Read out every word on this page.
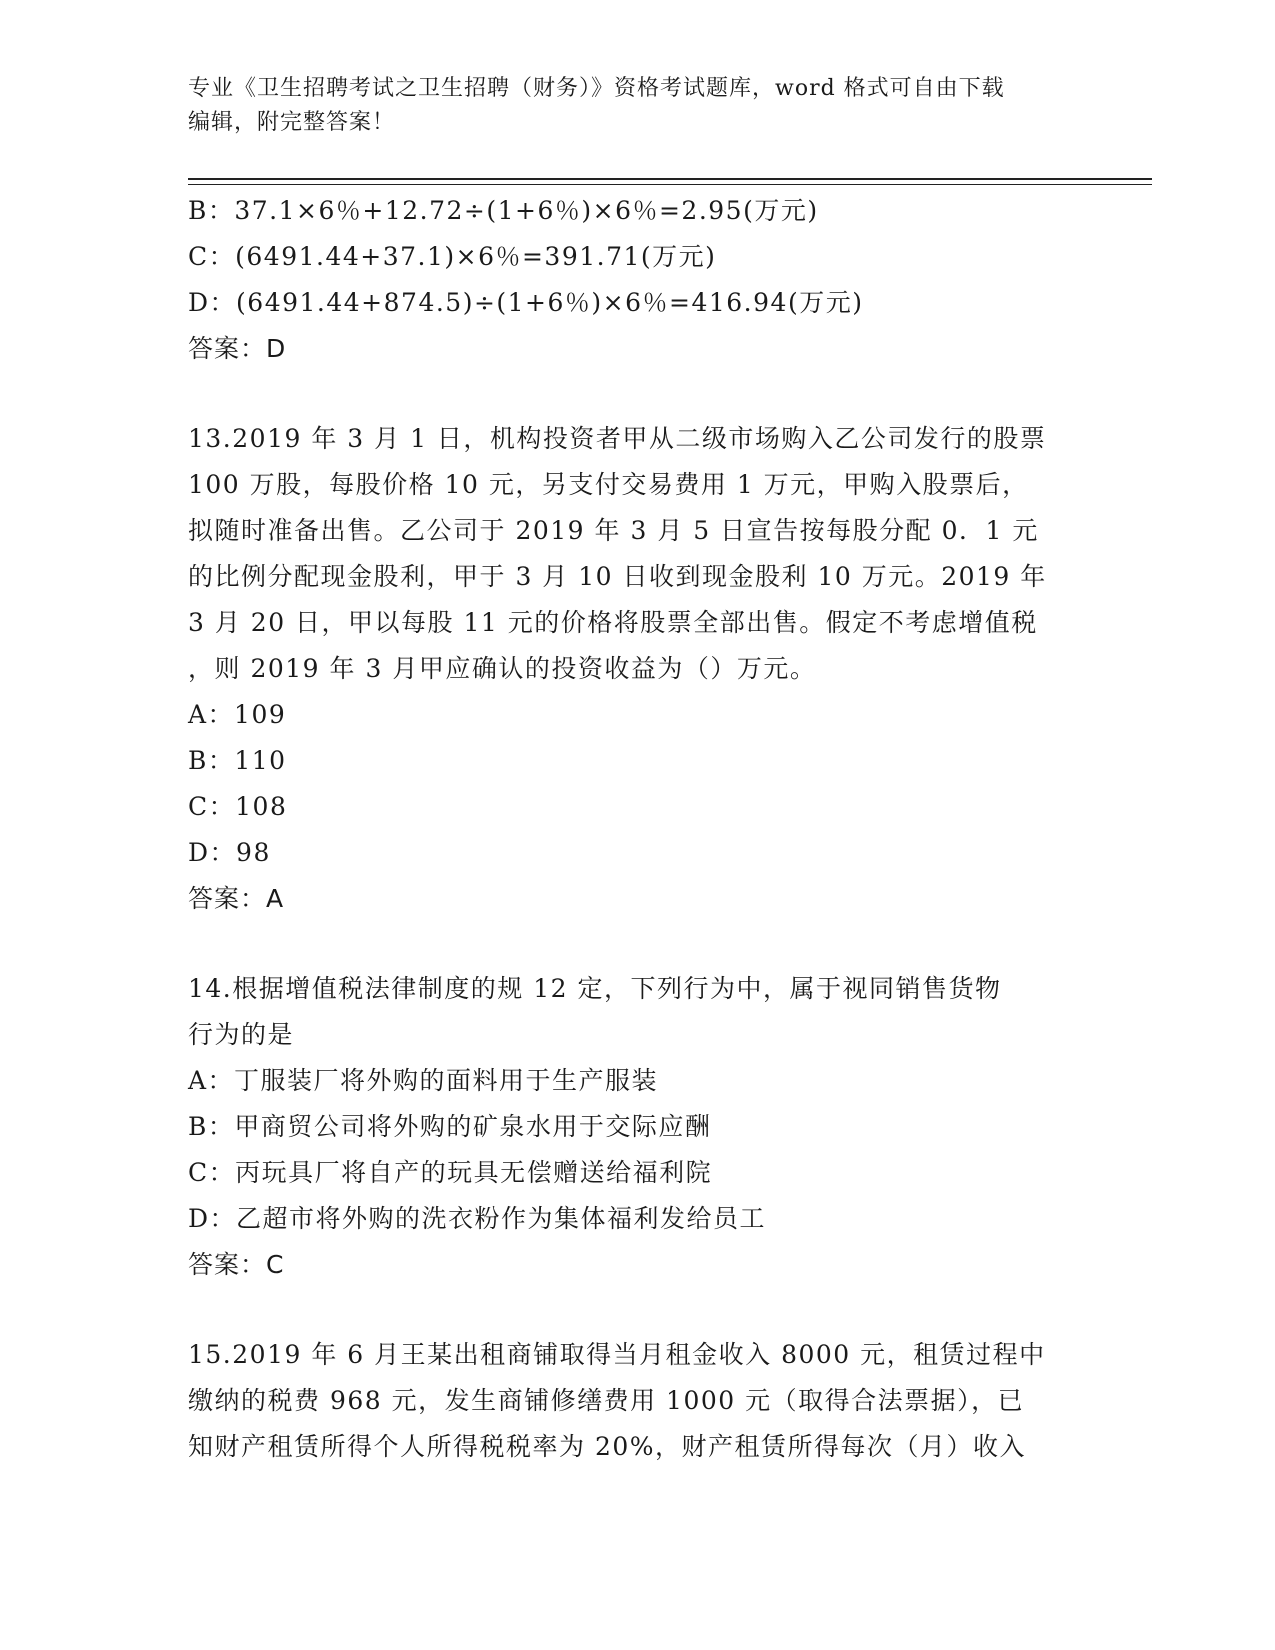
专业《卫生招聘考试之卫生招聘（财务）》资格考试题库，word 格式可自由下载
编辑，附完整答案！
B：37.1×6％+12.72÷(1+6％)×6％=2.95(万元)
C：(6491.44+37.1)×6％=391.71(万元)
D：(6491.44+874.5)÷(1+6％)×6％=416.94(万元)
答案：D
13.2019 年 3 月 1 日，机构投资者甲从二级市场购入乙公司发行的股票
100 万股，每股价格 10 元，另支付交易费用 1 万元，甲购入股票后，
拟随时准备出售。乙公司于 2019 年 3 月 5 日宣告按每股分配 0．1 元
的比例分配现金股利，甲于 3 月 10 日收到现金股利 10 万元。2019 年
3 月 20 日，甲以每股 11 元的价格将股票全部出售。假定不考虑增值税
，则 2019 年 3 月甲应确认的投资收益为（）万元。
A：109
B：110
C：108
D：98
答案：A
14.根据增值税法律制度的规 12 定，下列行为中，属于视同销售货物
行为的是
A：丁服装厂将外购的面料用于生产服装
B：甲商贸公司将外购的矿泉水用于交际应酬
C：丙玩具厂将自产的玩具无偿赠送给福利院
D：乙超市将外购的洗衣粉作为集体福利发给员工
答案：C
15.2019 年 6 月王某出租商铺取得当月租金收入 8000 元，租赁过程中
缴纳的税费 968 元，发生商铺修缮费用 1000 元（取得合法票据），已
知财产租赁所得个人所得税税率为 20%，财产租赁所得每次（月）收入
